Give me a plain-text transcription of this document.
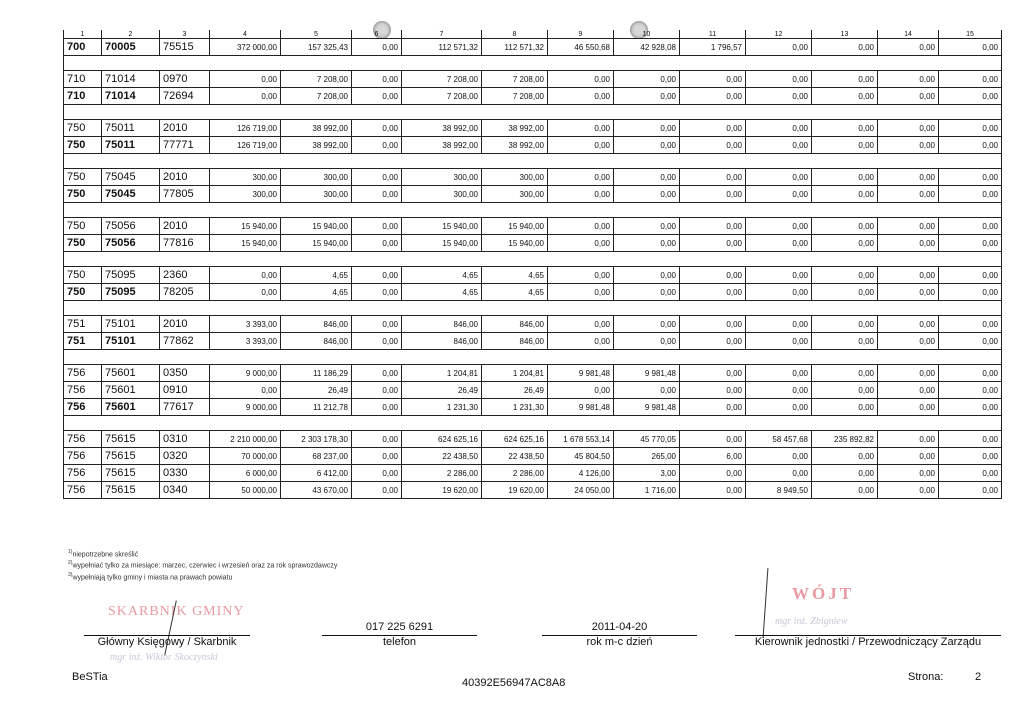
1	2	3	4	5	6	7	8	9	10	11	12	13	14	15
700	70005	75515	372 000,00	157 325,43	0,00	112 571,32	112 571,32	46 550,68	42 928,08	1 796,57	0,00	0,00	0,00	0,00

710	71014	0970	0,00	7 208,00	0,00	7 208,00	7 208,00	0,00	0,00	0,00	0,00	0,00	0,00	0,00
710	71014	72694	0,00	7 208,00	0,00	7 208,00	7 208,00	0,00	0,00	0,00	0,00	0,00	0,00	0,00

750	75011	2010	126 719,00	38 992,00	0,00	38 992,00	38 992,00	0,00	0,00	0,00	0,00	0,00	0,00	0,00
750	75011	77771	126 719,00	38 992,00	0,00	38 992,00	38 992,00	0,00	0,00	0,00	0,00	0,00	0,00	0,00

750	75045	2010	300,00	300,00	0,00	300,00	300,00	0,00	0,00	0,00	0,00	0,00	0,00	0,00
750	75045	77805	300,00	300,00	0,00	300,00	300,00	0,00	0,00	0,00	0,00	0,00	0,00	0,00

750	75056	2010	15 940,00	15 940,00	0,00	15 940,00	15 940,00	0,00	0,00	0,00	0,00	0,00	0,00	0,00
750	75056	77816	15 940,00	15 940,00	0,00	15 940,00	15 940,00	0,00	0,00	0,00	0,00	0,00	0,00	0,00

750	75095	2360	0,00	4,65	0,00	4,65	4,65	0,00	0,00	0,00	0,00	0,00	0,00	0,00
750	75095	78205	0,00	4,65	0,00	4,65	4,65	0,00	0,00	0,00	0,00	0,00	0,00	0,00

751	75101	2010	3 393,00	846,00	0,00	846,00	846,00	0,00	0,00	0,00	0,00	0,00	0,00	0,00
751	75101	77862	3 393,00	846,00	0,00	846,00	846,00	0,00	0,00	0,00	0,00	0,00	0,00	0,00

756	75601	0350	9 000,00	11 186,29	0,00	1 204,81	1 204,81	9 981,48	9 981,48	0,00	0,00	0,00	0,00	0,00
756	75601	0910	0,00	26,49	0,00	26,49	26,49	0,00	0,00	0,00	0,00	0,00	0,00	0,00
756	75601	77617	9 000,00	11 212,78	0,00	1 231,30	1 231,30	9 981,48	9 981,48	0,00	0,00	0,00	0,00	0,00

756	75615	0310	2 210 000,00	2 303 178,30	0,00	624 625,16	624 625,16	1 678 553,14	45 770,05	0,00	58 457,68	235 892,82	0,00	0,00
756	75615	0320	70 000,00	68 237,00	0,00	22 438,50	22 438,50	45 804,50	265,00	6,00	0,00	0,00	0,00	0,00
756	75615	0330	6 000,00	6 412,00	0,00	2 286,00	2 286,00	4 126,00	3,00	0,00	0,00	0,00	0,00	0,00
756	75615	0340	50 000,00	43 670,00	0,00	19 620,00	19 620,00	24 050,00	1 716,00	0,00	8 949,50	0,00	0,00	0,00
$^{1)}$niepotrzebne skreślić
$^{2)}$wypełniać tylko za miesiące: marzec, czerwiec i wrzesień oraz za rok sprawozdawczy
$^{3)}$wypełniają tylko gminy i miasta na prawach powiatu
SKARBNIK GMINY
Główny Księgowy / Skarbnik
mgr inż. Wiktor Skoczynski
017 225 6291
telefon
2011-04-20
rok m-c dzień
WÓJT
mgr inż. Zbigniew
Kierownik jednostki / Przewodniczący Zarządu
BeSTia	40392E56947AC8A8	Strona:	2
